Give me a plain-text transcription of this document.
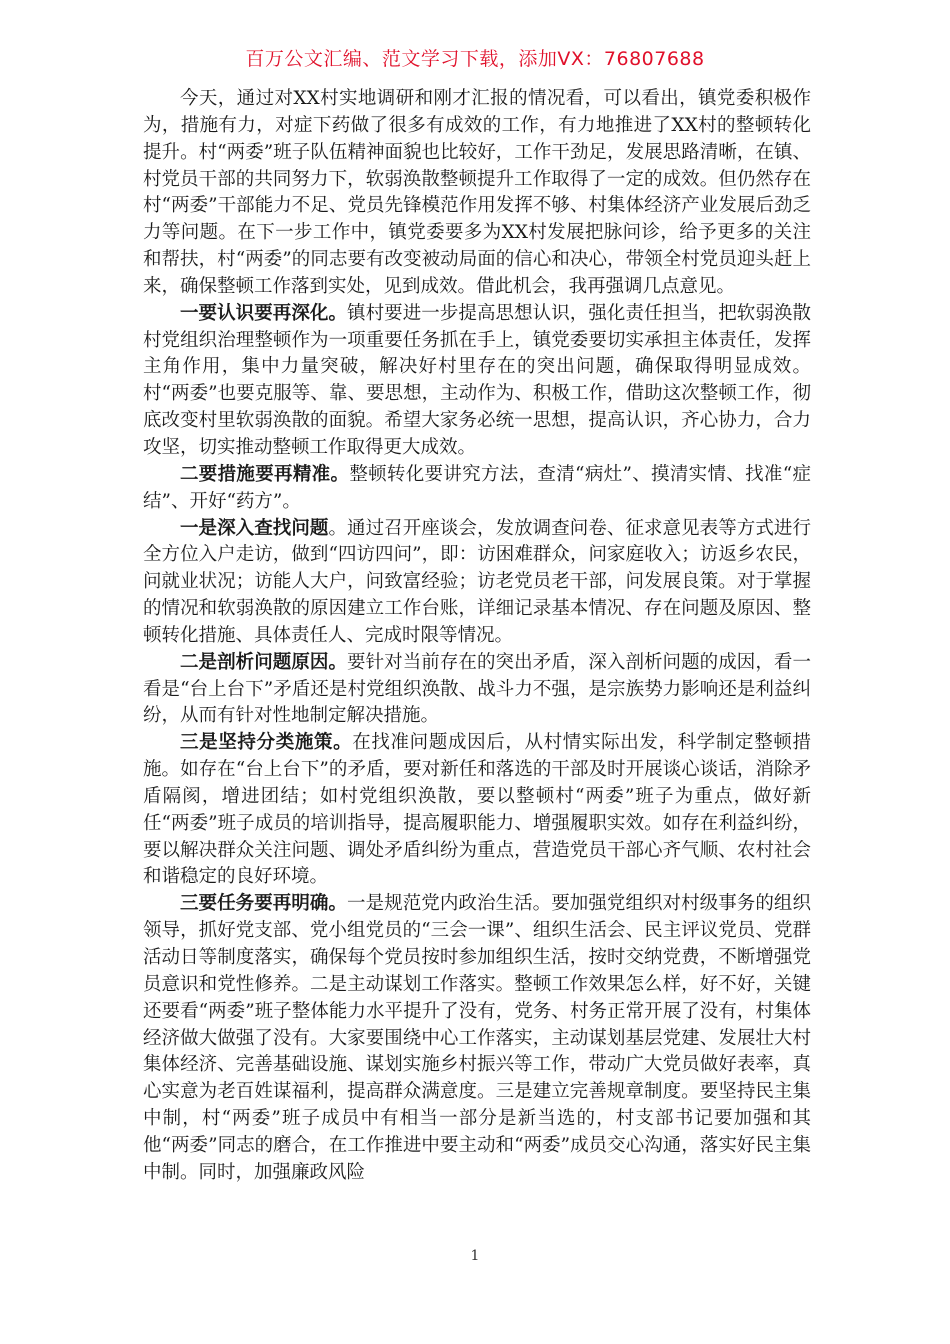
百万公文汇编、范文学习下载，添加VX：76807688

今天，通过对XX村实地调研和刚才汇报的情况看，可以看出，镇党委积极作为，措施有力，对症下药做了很多有成效的工作，有力地推进了XX村的整顿转化提升。村“两委”班子队伍精神面貌也比较好，工作干劲足，发展思路清晰，在镇、村党员干部的共同努力下，软弱涣散整顿提升工作取得了一定的成效。但仍然存在村“两委”干部能力不足、党员先锋模范作用发挥不够、村集体经济产业发展后劲乏力等问题。在下一步工作中，镇党委要多为XX村发展把脉问诊，给予更多的关注和帮扶，村“两委”的同志要有改变被动局面的信心和决心，带领全村党员迎头赶上来，确保整顿工作落到实处，见到成效。借此机会，我再强调几点意见。

一要认识要再深化。镇村要进一步提高思想认识，强化责任担当，把软弱涣散村党组织治理整顿作为一项重要任务抓在手上，镇党委要切实承担主体责任，发挥主角作用，集中力量突破，解决好村里存在的突出问题，确保取得明显成效。村“两委”也要克服等、靠、要思想，主动作为、积极工作，借助这次整顿工作，彻底改变村里软弱涣散的面貌。希望大家务必统一思想，提高认识，齐心协力，合力攻坚，切实推动整顿工作取得更大成效。

二要措施要再精准。整顿转化要讲究方法，查清“病灶”、摸清实情、找准“症结”、开好“药方”。

一是深入查找问题。通过召开座谈会，发放调查问卷、征求意见表等方式进行全方位入户走访，做到“四访四问”，即：访困难群众，问家庭收入；访返乡农民，问就业状况；访能人大户，问致富经验；访老党员老干部，问发展良策。对于掌握的情况和软弱涣散的原因建立工作台账，详细记录基本情况、存在问题及原因、整顿转化措施、具体责任人、完成时限等情况。

二是剖析问题原因。要针对当前存在的突出矛盾，深入剖析问题的成因，看一看是“台上台下”矛盾还是村党组织涣散、战斗力不强，是宗族势力影响还是利益纠纷，从而有针对性地制定解决措施。

三是坚持分类施策。在找准问题成因后，从村情实际出发，科学制定整顿措施。如存在“台上台下”的矛盾，要对新任和落选的干部及时开展谈心谈话，消除矛盾隔阂，增进团结；如村党组织涣散，要以整顿村“两委”班子为重点，做好新任“两委”班子成员的培训指导，提高履职能力、增强履职实效。如存在利益纠纷，要以解决群众关注问题、调处矛盾纠纷为重点，营造党员干部心齐气顺、农村社会和谐稳定的良好环境。

三要任务要再明确。一是规范党内政治生活。要加强党组织对村级事务的组织领导，抓好党支部、党小组党员的“三会一课”、组织生活会、民主评议党员、党群活动日等制度落实，确保每个党员按时参加组织生活，按时交纳党费，不断增强党员意识和党性修养。二是主动谋划工作落实。整顿工作效果怎么样，好不好，关键还要看“两委”班子整体能力水平提升了没有，党务、村务正常开展了没有，村集体经济做大做强了没有。大家要围绕中心工作落实，主动谋划基层党建、发展壮大村集体经济、完善基础设施、谋划实施乡村振兴等工作，带动广大党员做好表率，真心实意为老百姓谋福利，提高群众满意度。三是建立完善规章制度。要坚持民主集中制，村“两委”班子成员中有相当一部分是新当选的，村支部书记要加强和其他“两委”同志的磨合，在工作推进中要主动和“两委”成员交心沟通，落实好民主集中制。同时，加强廉政风险

1
